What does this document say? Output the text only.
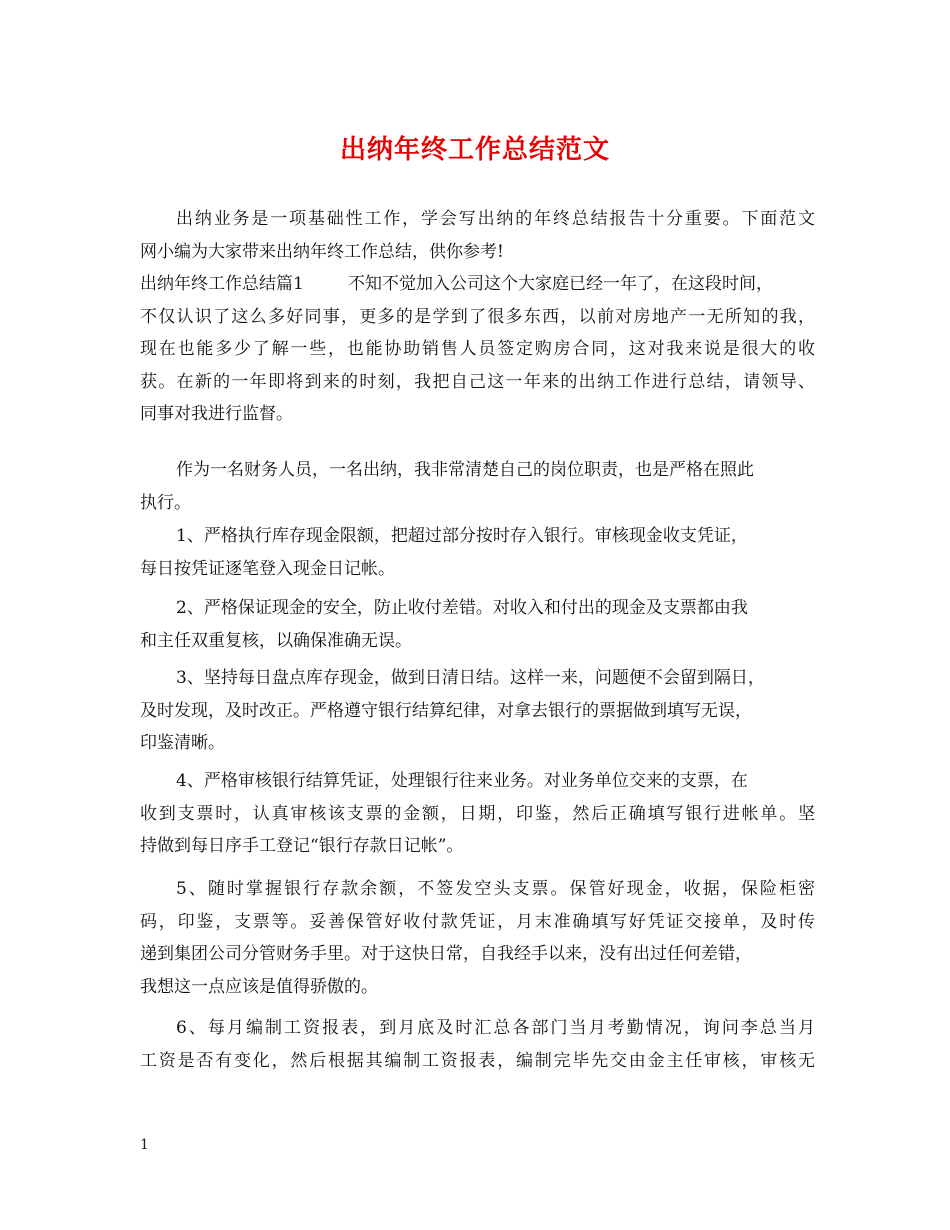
出纳年终工作总结范文

出纳业务是一项基础性工作，学会写出纳的年终总结报告十分重要。下面范文
网小编为大家带来出纳年终工作总结，供你参考!

出纳年终工作总结篇1	不知不觉加入公司这个大家庭已经一年了，在这段时间，
不仅认识了这么多好同事，更多的是学到了很多东西，以前对房地产一无所知的我，
现在也能多少了解一些，也能协助销售人员签定购房合同，这对我来说是很大的收
获。在新的一年即将到来的时刻，我把自己这一年来的出纳工作进行总结，请领导、
同事对我进行监督。

作为一名财务人员，一名出纳，我非常清楚自己的岗位职责，也是严格在照此
执行。

1、严格执行库存现金限额，把超过部分按时存入银行。审核现金收支凭证，
每日按凭证逐笔登入现金日记帐。

2、严格保证现金的安全，防止收付差错。对收入和付出的现金及支票都由我
和主任双重复核，以确保准确无误。

3、坚持每日盘点库存现金，做到日清日结。这样一来，问题便不会留到隔日，
及时发现，及时改正。严格遵守银行结算纪律，对拿去银行的票据做到填写无误，
印鉴清晰。

4、严格审核银行结算凭证，处理银行往来业务。对业务单位交来的支票，在
收到支票时，认真审核该支票的金额，日期，印鉴，然后正确填写银行进帐单。坚
持做到每日序手工登记“银行存款日记帐”。

5、随时掌握银行存款余额，不签发空头支票。保管好现金，收据，保险柜密
码，印鉴，支票等。妥善保管好收付款凭证，月末准确填写好凭证交接单，及时传
递到集团公司分管财务手里。对于这快日常，自我经手以来，没有出过任何差错，
我想这一点应该是值得骄傲的。

6、每月编制工资报表，到月底及时汇总各部门当月考勤情况，询问李总当月
工资是否有变化，然后根据其编制工资报表，编制完毕先交由金主任审核，审核无

1
